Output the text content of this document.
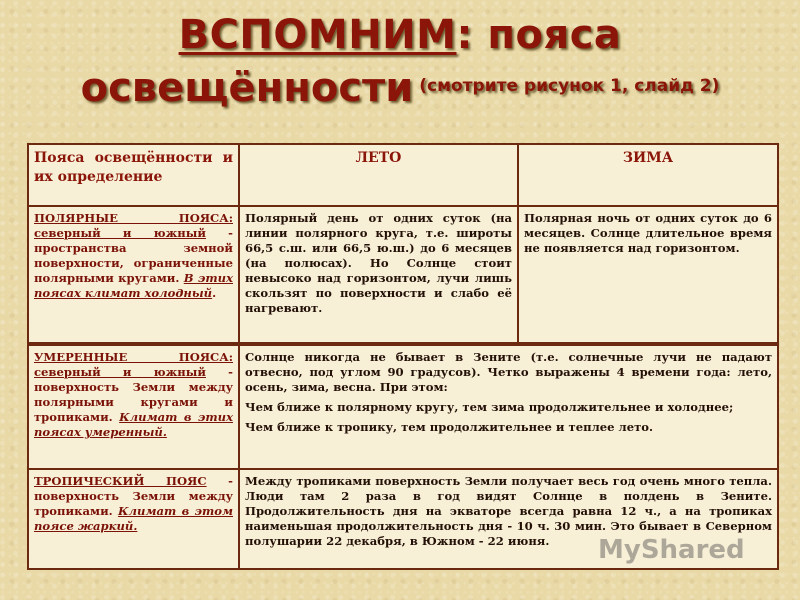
ВСПОМНИМ: пояса
освещённости $^{(смотрите рисунок 1, слайд 2)}$
Пояса освещённости и их определение	ЛЕТО	ЗИМА
ПОЛЯРНЫЕ ПОЯСА: северный и южный - пространства земной поверхности, ограниченные полярными кругами. В этих поясах климат холодный.	Полярный день от одних суток (на линии полярного круга, т.е. широты 66,5 с.ш. или 66,5 ю.ш.) до 6 месяцев (на полюсах). Но Солнце стоит невысоко над горизонтом, лучи лишь скользят по поверхности и слабо её нагревают.	Полярная ночь от одних суток до 6 месяцев. Солнце длительное время не появляется над горизонтом.
УМЕРЕННЫЕ ПОЯСА: северный и южный - поверхность Земли между полярными кругами и тропиками. Климат в этих поясах умеренный.	Солнце никогда не бывает в Зените (т.е. солнечные лучи не падают отвесно, под углом 90 градусов). Четко выражены 4 времени года: лето, осень, зима, весна. При этом:
Чем ближе к полярному кругу, тем зима продолжительнее и холоднее;
Чем ближе к тропику, тем продолжительнее и теплее лето.

ТРОПИЧЕСКИЙ ПОЯС - поверхность Земли между тропиками. Климат в этом поясе жаркий.	Между тропиками поверхность Земли получает весь год очень много тепла. Люди там 2 раза в год видят Солнце в полдень в Зените. Продолжительность дня на экваторе всегда равна 12 ч., а на тропиках наименьшая продолжительность дня - 10 ч. 30 мин. Это бывает в Северном полушарии 22 декабря, в Южном - 22 июня. MyShared
